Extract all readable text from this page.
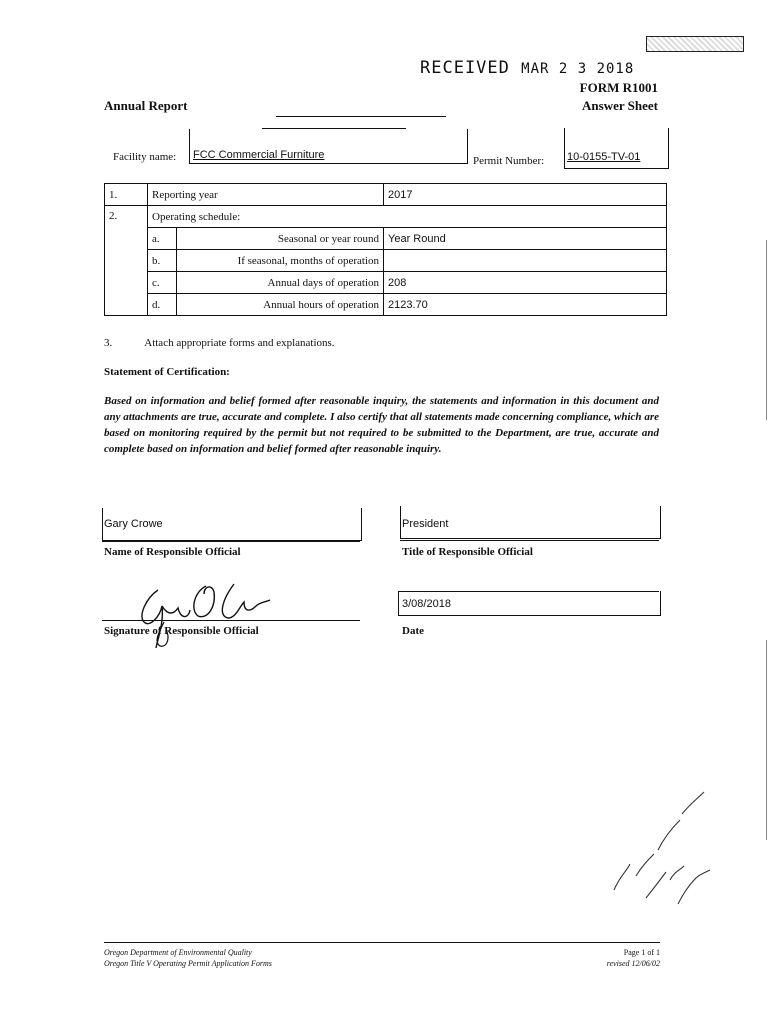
RECEIVED MAR 2 3 2018
FORM R1001
Answer Sheet
Annual Report
Facility name: FCC Commercial Furniture	Permit Number: 10-0155-TV-01
1.	Reporting year		2017
2.	Operating schedule:		
	a.	Seasonal or year round	Year Round
	b.	If seasonal, months of operation	
	c.	Annual days of operation	208
	d.	Annual hours of operation	2123.70
3.	Attach appropriate forms and explanations.
Statement of Certification:
Based on information and belief formed after reasonable inquiry, the statements and information in this document and any attachments are true, accurate and complete. I also certify that all statements made concerning compliance, which are based on monitoring required by the permit but not required to be submitted to the Department, are true, accurate and complete based on information and belief formed after reasonable inquiry.
Gary Crowe
Name of Responsible Official
President
Title of Responsible Official
Signature of Responsible Official
3/08/2018
Date
Oregon Department of Environmental Quality
Oregon Title V Operating Permit Application Forms
Page 1 of 1
revised 12/06/02
